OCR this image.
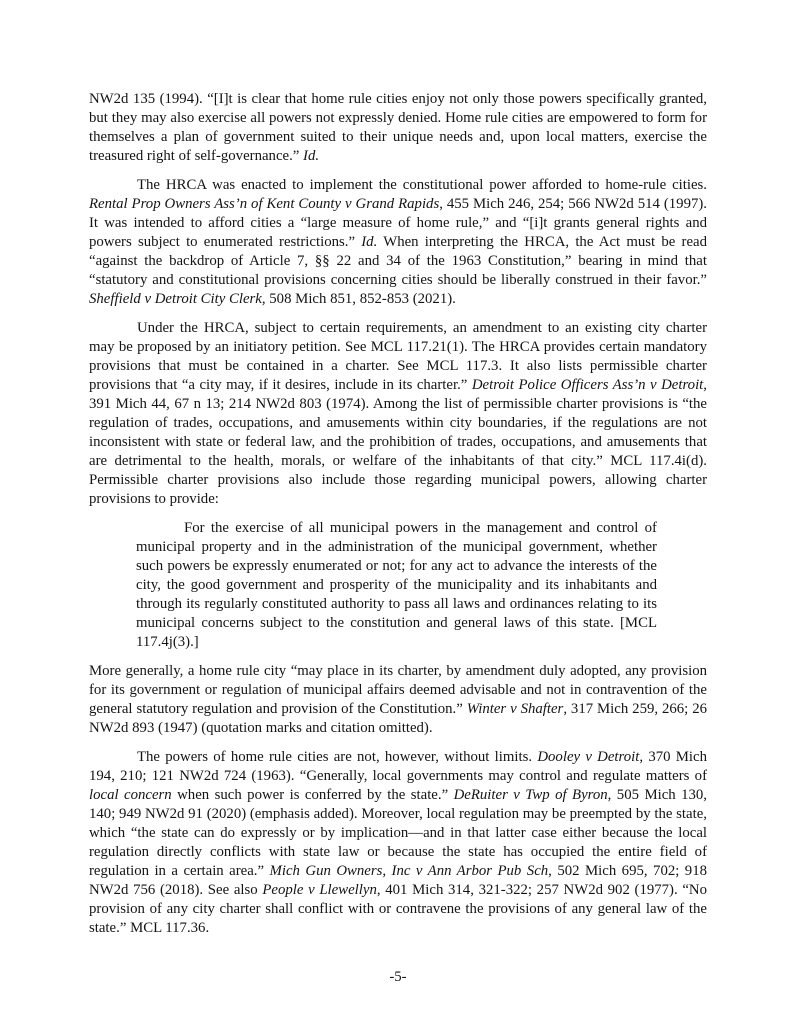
NW2d 135 (1994). “[I]t is clear that home rule cities enjoy not only those powers specifically granted, but they may also exercise all powers not expressly denied. Home rule cities are empowered to form for themselves a plan of government suited to their unique needs and, upon local matters, exercise the treasured right of self-governance.” Id.

The HRCA was enacted to implement the constitutional power afforded to home-rule cities. Rental Prop Owners Ass’n of Kent County v Grand Rapids, 455 Mich 246, 254; 566 NW2d 514 (1997). It was intended to afford cities a “large measure of home rule,” and “[i]t grants general rights and powers subject to enumerated restrictions.” Id. When interpreting the HRCA, the Act must be read “against the backdrop of Article 7, §§ 22 and 34 of the 1963 Constitution,” bearing in mind that “statutory and constitutional provisions concerning cities should be liberally construed in their favor.” Sheffield v Detroit City Clerk, 508 Mich 851, 852-853 (2021).

Under the HRCA, subject to certain requirements, an amendment to an existing city charter may be proposed by an initiatory petition. See MCL 117.21(1). The HRCA provides certain mandatory provisions that must be contained in a charter. See MCL 117.3. It also lists permissible charter provisions that “a city may, if it desires, include in its charter.” Detroit Police Officers Ass’n v Detroit, 391 Mich 44, 67 n 13; 214 NW2d 803 (1974). Among the list of permissible charter provisions is “the regulation of trades, occupations, and amusements within city boundaries, if the regulations are not inconsistent with state or federal law, and the prohibition of trades, occupations, and amusements that are detrimental to the health, morals, or welfare of the inhabitants of that city.” MCL 117.4i(d). Permissible charter provisions also include those regarding municipal powers, allowing charter provisions to provide:

For the exercise of all municipal powers in the management and control of municipal property and in the administration of the municipal government, whether such powers be expressly enumerated or not; for any act to advance the interests of the city, the good government and prosperity of the municipality and its inhabitants and through its regularly constituted authority to pass all laws and ordinances relating to its municipal concerns subject to the constitution and general laws of this state. [MCL 117.4j(3).]

More generally, a home rule city “may place in its charter, by amendment duly adopted, any provision for its government or regulation of municipal affairs deemed advisable and not in contravention of the general statutory regulation and provision of the Constitution.” Winter v Shafter, 317 Mich 259, 266; 26 NW2d 893 (1947) (quotation marks and citation omitted).

The powers of home rule cities are not, however, without limits. Dooley v Detroit, 370 Mich 194, 210; 121 NW2d 724 (1963). “Generally, local governments may control and regulate matters of local concern when such power is conferred by the state.” DeRuiter v Twp of Byron, 505 Mich 130, 140; 949 NW2d 91 (2020) (emphasis added). Moreover, local regulation may be preempted by the state, which “the state can do expressly or by implication—and in that latter case either because the local regulation directly conflicts with state law or because the state has occupied the entire field of regulation in a certain area.” Mich Gun Owners, Inc v Ann Arbor Pub Sch, 502 Mich 695, 702; 918 NW2d 756 (2018). See also People v Llewellyn, 401 Mich 314, 321-322; 257 NW2d 902 (1977). “No provision of any city charter shall conflict with or contravene the provisions of any general law of the state.” MCL 117.36.

-5-
